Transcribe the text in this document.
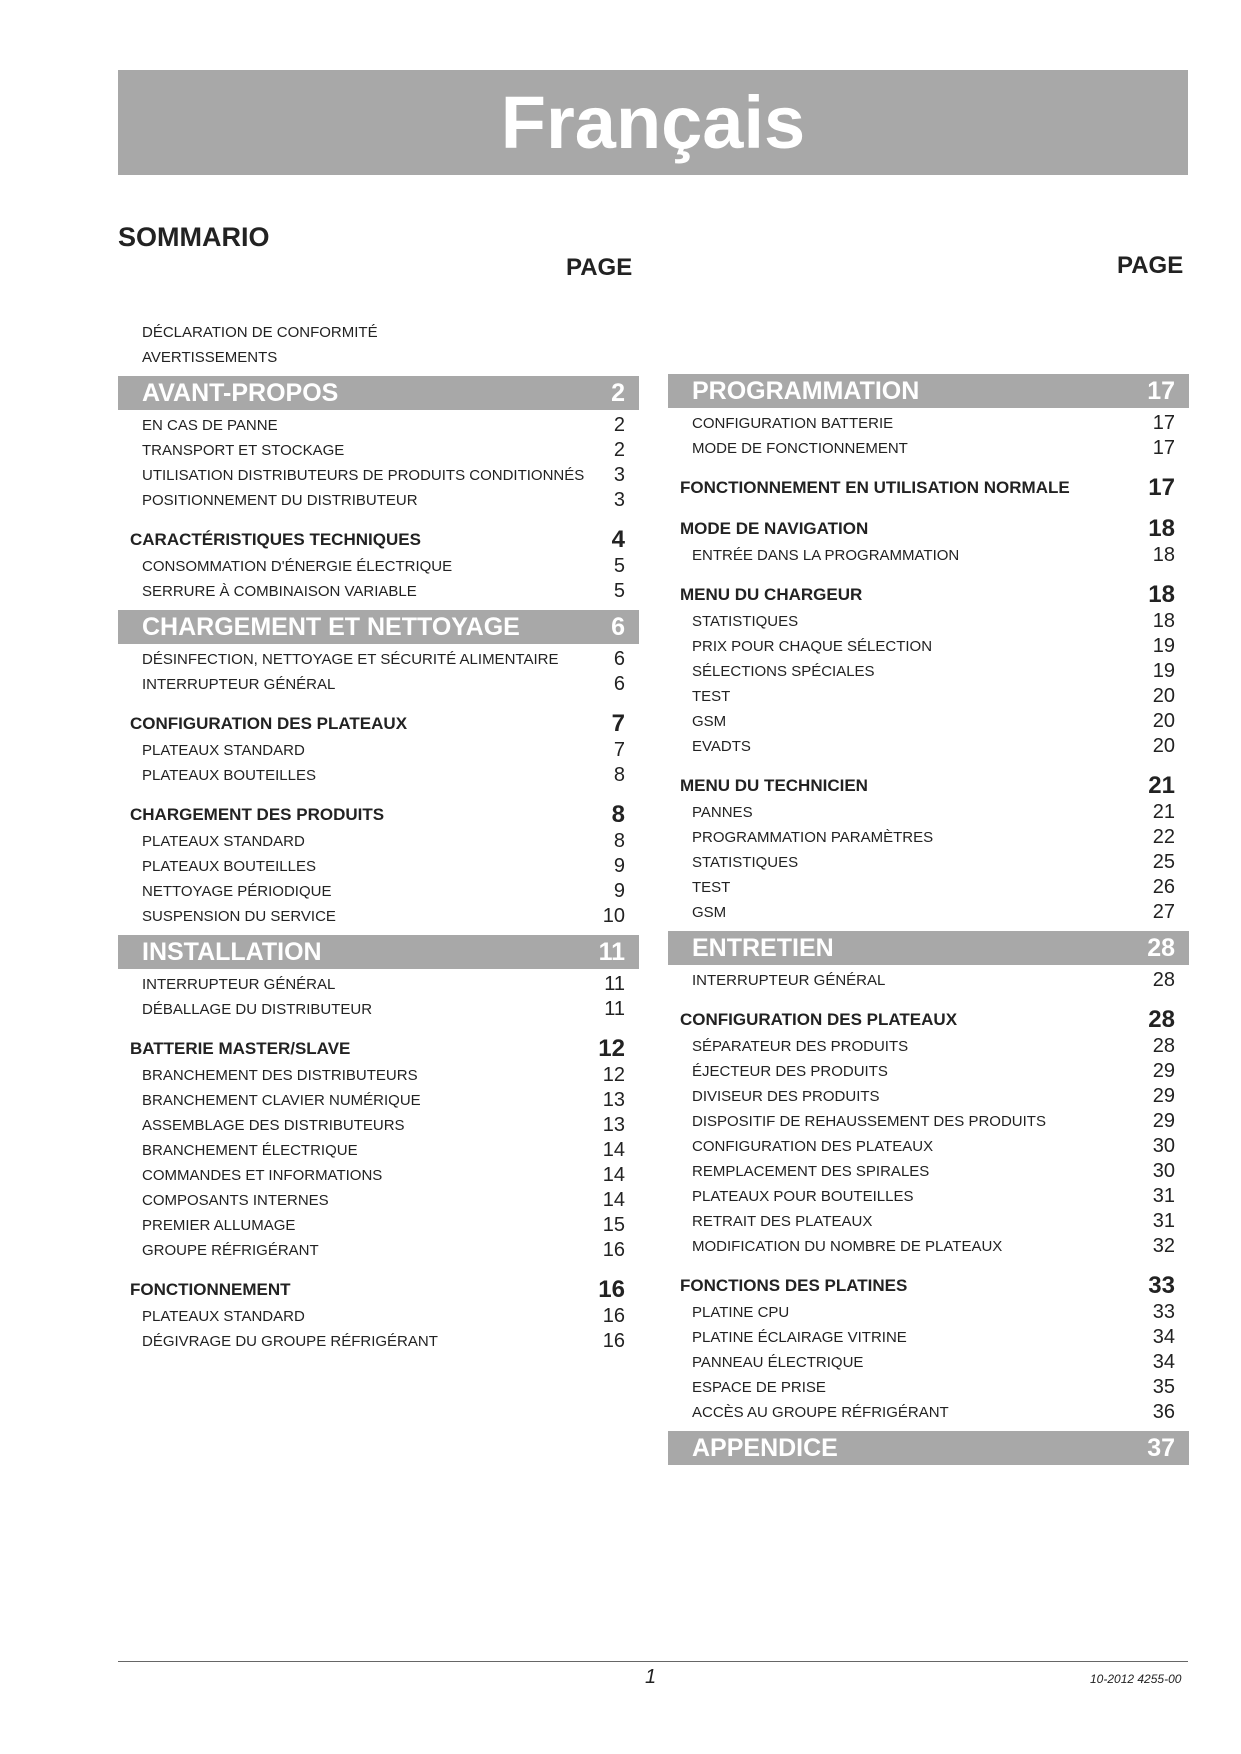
Français
SOMMARIO
PAGE	PAGE
DÉCLARATION DE CONFORMITÉ
AVERTISSEMENTS
AVANT-PROPOS	2
EN CAS DE PANNE	2
TRANSPORT ET STOCKAGE	2
UTILISATION DISTRIBUTEURS DE PRODUITS CONDITIONNÉS 3
POSITIONNEMENT DU DISTRIBUTEUR	3
CARACTÉRISTIQUES TECHNIQUES	4
CONSOMMATION D'ÉNERGIE ÉLECTRIQUE	5
SERRURE À COMBINAISON VARIABLE	5
CHARGEMENT ET NETTOYAGE	6
DÉSINFECTION, NETTOYAGE ET SÉCURITÉ ALIMENTAIRE	6
INTERRUPTEUR GÉNÉRAL	6
CONFIGURATION DES PLATEAUX	7
PLATEAUX STANDARD	7
PLATEAUX BOUTEILLES	8
CHARGEMENT DES PRODUITS	8
PLATEAUX STANDARD	8
PLATEAUX BOUTEILLES	9
NETTOYAGE PÉRIODIQUE	9
SUSPENSION DU SERVICE	10
INSTALLATION	11
INTERRUPTEUR GÉNÉRAL	11
DÉBALLAGE DU DISTRIBUTEUR	11
BATTERIE MASTER/SLAVE	12
BRANCHEMENT DES DISTRIBUTEURS	12
BRANCHEMENT CLAVIER NUMÉRIQUE	13
ASSEMBLAGE DES DISTRIBUTEURS	13
BRANCHEMENT ÉLECTRIQUE	14
COMMANDES ET INFORMATIONS	14
COMPOSANTS INTERNES	14
PREMIER ALLUMAGE	15
GROUPE RÉFRIGÉRANT	16
FONCTIONNEMENT	16
PLATEAUX STANDARD	16
DÉGIVRAGE DU GROUPE RÉFRIGÉRANT	16
PROGRAMMATION	17
CONFIGURATION BATTERIE	17
MODE DE FONCTIONNEMENT	17
FONCTIONNEMENT EN UTILISATION NORMALE	17
MODE DE NAVIGATION	18
ENTRÉE DANS LA PROGRAMMATION	18
MENU DU CHARGEUR	18
STATISTIQUES	18
PRIX POUR CHAQUE SÉLECTION	19
SÉLECTIONS SPÉCIALES	19
TEST	20
GSM	20
EVADTS	20
MENU DU TECHNICIEN	21
PANNES	21
PROGRAMMATION PARAMÈTRES	22
STATISTIQUES	25
TEST	26
GSM	27
ENTRETIEN	28
INTERRUPTEUR GÉNÉRAL	28
CONFIGURATION DES PLATEAUX	28
SÉPARATEUR DES PRODUITS	28
ÉJECTEUR DES PRODUITS	29
DIVISEUR DES PRODUITS	29
DISPOSITIF DE REHAUSSEMENT DES PRODUITS	29
CONFIGURATION DES PLATEAUX	30
REMPLACEMENT DES SPIRALES	30
PLATEAUX POUR BOUTEILLES	31
RETRAIT DES PLATEAUX	31
MODIFICATION DU NOMBRE DE PLATEAUX	32
FONCTIONS DES PLATINES	33
PLATINE CPU	33
PLATINE ÉCLAIRAGE VITRINE	34
PANNEAU ÉLECTRIQUE	34
ESPACE DE PRISE	35
ACCÈS AU GROUPE RÉFRIGÉRANT	36
APPENDICE	37
1	10-2012 4255-00
